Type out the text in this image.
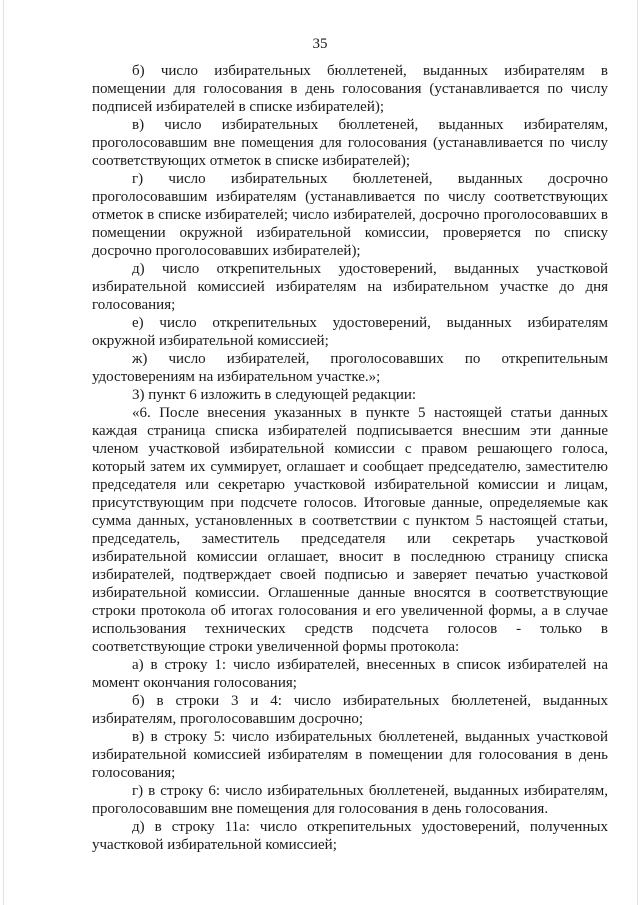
35

б) число избирательных бюллетеней, выданных избирателям в помещении для голосования в день голосования (устанавливается по числу подписей избирателей в списке избирателей);

в) число избирательных бюллетеней, выданных избирателям, проголосовавшим вне помещения для голосования (устанавливается по числу соответствующих отметок в списке избирателей);

г) число избирательных бюллетеней, выданных досрочно проголосовавшим избирателям (устанавливается по числу соответствующих отметок в списке избирателей; число избирателей, досрочно проголосовавших в помещении окружной избирательной комиссии, проверяется по списку досрочно проголосовавших избирателей);

д) число открепительных удостоверений, выданных участковой избирательной комиссией избирателям на избирательном участке до дня голосования;

е) число открепительных удостоверений, выданных избирателям окружной избирательной комиссией;

ж) число избирателей, проголосовавших по открепительным удостоверениям на избирательном участке.»;

3) пункт 6 изложить в следующей редакции:

«6. После внесения указанных в пункте 5 настоящей статьи данных каждая страница списка избирателей подписывается внесшим эти данные членом участковой избирательной комиссии с правом решающего голоса, который затем их суммирует, оглашает и сообщает председателю, заместителю председателя или секретарю участковой избирательной комиссии и лицам, присутствующим при подсчете голосов. Итоговые данные, определяемые как сумма данных, установленных в соответствии с пунктом 5 настоящей статьи, председатель, заместитель председателя или секретарь участковой избирательной комиссии оглашает, вносит в последнюю страницу списка избирателей, подтверждает своей подписью и заверяет печатью участковой избирательной комиссии. Оглашенные данные вносятся в соответствующие строки протокола об итогах голосования и его увеличенной формы, а в случае использования технических средств подсчета голосов - только в соответствующие строки увеличенной формы протокола:

а) в строку 1: число избирателей, внесенных в список избирателей на момент окончания голосования;

б) в строки 3 и 4: число избирательных бюллетеней, выданных избирателям, проголосовавшим досрочно;

в) в строку 5: число избирательных бюллетеней, выданных участковой избирательной комиссией избирателям в помещении для голосования в день голосования;

г) в строку 6: число избирательных бюллетеней, выданных избирателям, проголосовавшим вне помещения для голосования в день голосования.

д) в строку 11а: число открепительных удостоверений, полученных участковой избирательной комиссией;
